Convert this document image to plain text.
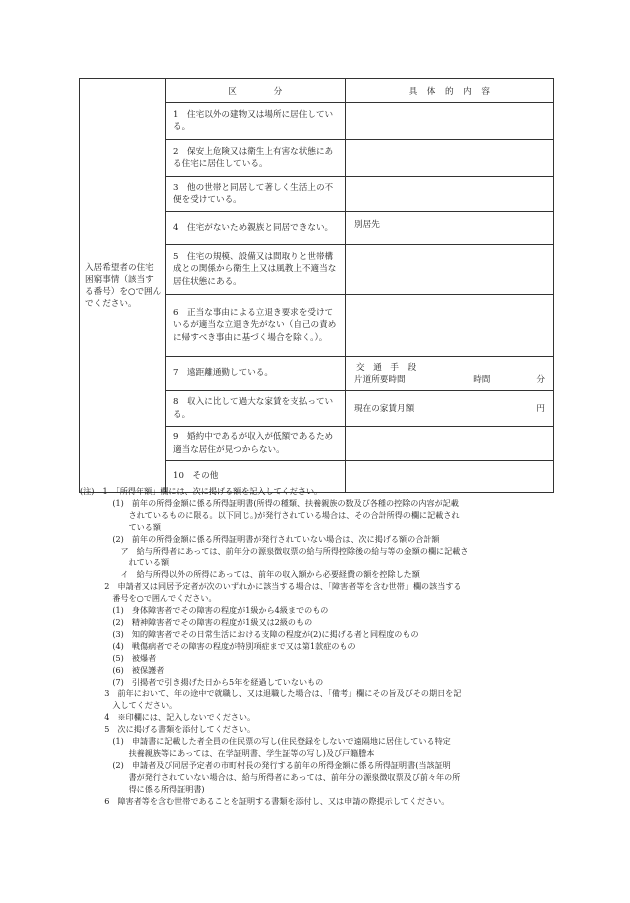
入居希望者の住宅困窮事情（該当する番号）を○で囲んでください。	区　　　　分	具　体　的　内　容
	1　住宅以外の建物又は場所に居住している。	
	2　保安上危険又は衛生上有害な状態にある住宅に居住している。	
	3　他の世帯と同居して著しく生活上の不便を受けている。	
	4　住宅がないため親族と同居できない。	別居先
	5　住宅の規模、設備又は間取りと世帯構成との関係から衛生上又は風教上不適当な居住状態にある。	
	6　正当な事由による立退き要求を受けているが適当な立退き先がない（自己の責めに帰すべき事由に基づく場合を除く。）。	
	7　遠距離通勤している。	交　通　手　段
片道所要時間 時間 分

	8　収入に比して過大な家賃を支払っている。	現在の家賃月額 円

	9　婚約中であるが収入が低額であるため適当な居住が見つからない。	
	10　その他	

(注)　1　「所得年額」欄には、次に掲げる額を記入してください。

　　　　(1)　前年の所得金額に係る所得証明書(所得の種類、扶養親族の数及び各種の控除の内容が記載

　　　　　　されているものに限る。以下同じ。)が発行されている場合は、その合計所得の欄に記載され

　　　　　　ている額

　　　　(2)　前年の所得金額に係る所得証明書が発行されていない場合は、次に掲げる額の合計額

　　　　　ア　給与所得者にあっては、前年分の源泉徴収票の給与所得控除後の給与等の金額の欄に記載さ

　　　　　　れている額

　　　　　イ　給与所得以外の所得にあっては、前年の収入額から必要経費の額を控除した額

　　　2　申請者又は同居予定者が次のいずれかに該当する場合は、「障害者等を含む世帯」欄の該当する

　　　　番号を○で囲んでください。

　　　　(1)　身体障害者でその障害の程度が1級から4級までのもの

　　　　(2)　精神障害者でその障害の程度が1級又は2級のもの

　　　　(3)　知的障害者でその日常生活における支障の程度が(2)に掲げる者と同程度のもの

　　　　(4)　戦傷病者でその障害の程度が特別項症まで又は第1款症のもの

　　　　(5)　被爆者

　　　　(6)　被保護者

　　　　(7)　引揚者で引き揚げた日から5年を経過していないもの

　　　3　前年において、年の途中で就職し、又は退職した場合は、「備考」欄にその旨及びその期日を記

　　　　入してください。

　　　4　※印欄には、記入しないでください。

　　　5　次に掲げる書類を添付してください。

　　　　(1)　申請書に記載した者全員の住民票の写し(住民登録をしないで遠隔地に居住している特定

　　　　　　扶養親族等にあっては、在学証明書、学生証等の写し)及び戸籍謄本

　　　　(2)　申請者及び同居予定者の市町村長の発行する前年の所得金額に係る所得証明書(当該証明

　　　　　　書が発行されていない場合は、給与所得者にあっては、前年分の源泉徴収票及び前々年の所

　　　　　　得に係る所得証明書)

　　　6　障害者等を含む世帯であることを証明する書類を添付し、又は申請の際提示してください。
